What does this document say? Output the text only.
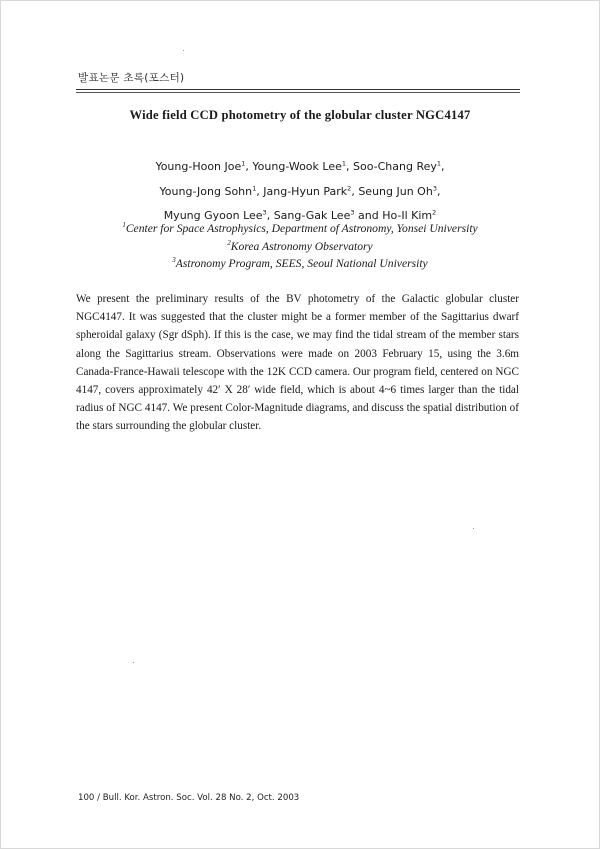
발표논문 초록(포스터)
Wide field CCD photometry of the globular cluster NGC4147
Young-Hoon Joe$^1$, Young-Wook Lee$^1$, Soo-Chang Rey$^1$,
Young-Jong Sohn$^1$, Jang-Hyun Park$^2$, Seung Jun Oh$^3$,
Myung Gyoon Lee$^3$, Sang-Gak Lee$^3$ and Ho-Il Kim$^2$
$^1$Center for Space Astrophysics, Department of Astronomy, Yonsei University
$^2$Korea Astronomy Observatory
$^3$Astronomy Program, SEES, Seoul National University
We present the preliminary results of the BV photometry of the Galactic globular cluster NGC4147. It was suggested that the cluster might be a former member of the Sagittarius dwarf spheroidal galaxy (Sgr dSph). If this is the case, we may find the tidal stream of the member stars along the Sagittarius stream. Observations were made on 2003 February 15, using the 3.6m Canada-France-Hawaii telescope with the 12K CCD camera. Our program field, centered on NGC 4147, covers approximately 42′ X 28′ wide field, which is about 4~6 times larger than the tidal radius of NGC 4147. We present Color-Magnitude diagrams, and discuss the spatial distribution of the stars surrounding the globular cluster.
100 / Bull. Kor. Astron. Soc. Vol. 28 No. 2, Oct. 2003
